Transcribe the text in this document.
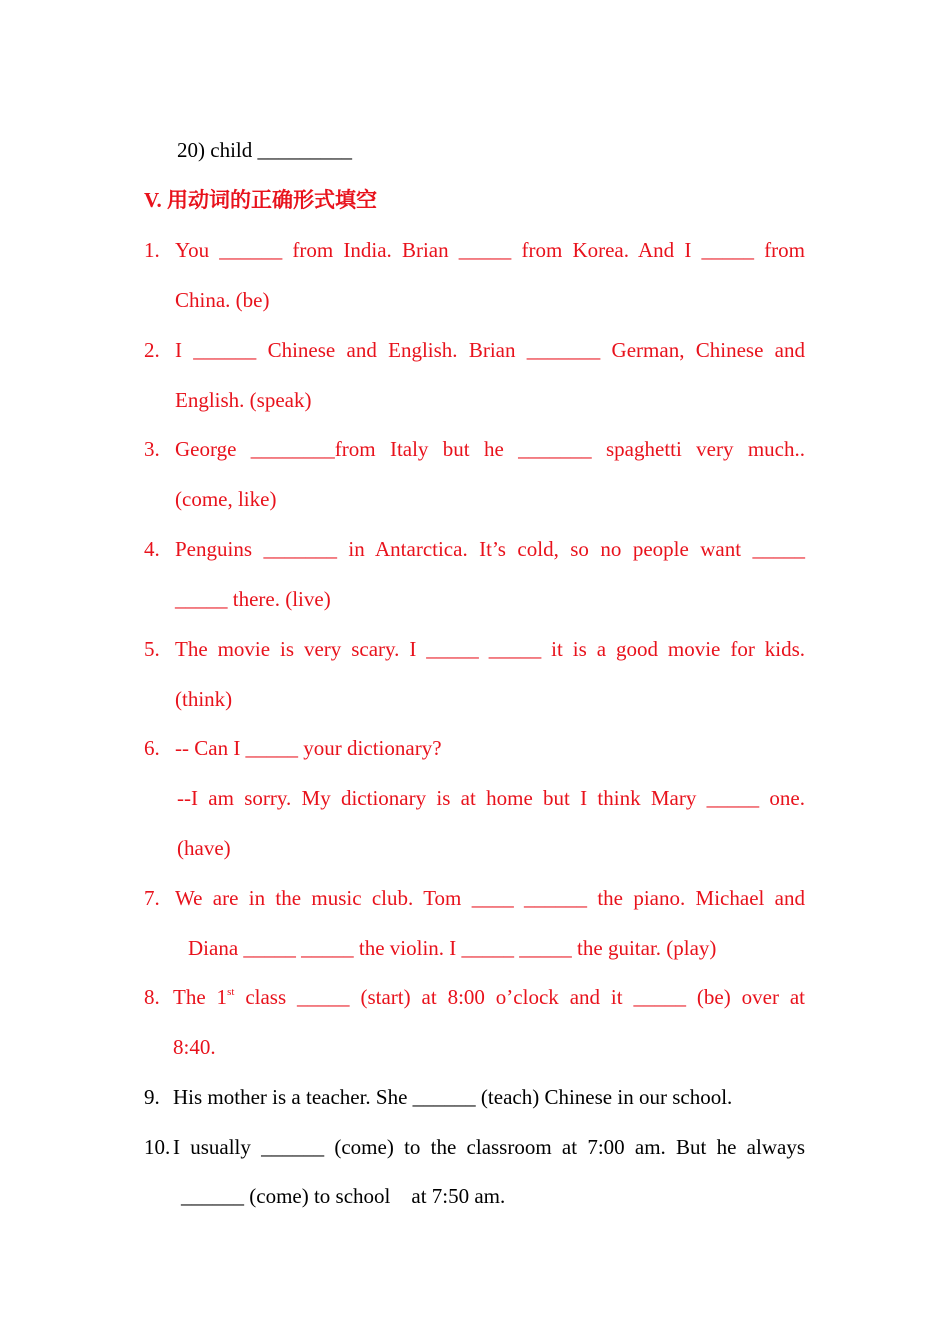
20) child _________
V. 用动词的正确形式填空
1. You ______ from India. Brian _____ from Korea. And I _____ from
China. (be)
2. I ______ Chinese and English. Brian _______ German, Chinese and
English. (speak)
3. George ________from Italy but he _______ spaghetti very much..
(come, like)
4. Penguins _______ in Antarctica. It’s cold, so no people want _____
_____ there. (live)
5. The movie is very scary. I _____ _____ it is a good movie for kids.
(think)
6. -- Can I _____ your dictionary?
--I am sorry. My dictionary is at home but I think Mary _____ one.
(have)
7. We are in the music club. Tom ____ ______ the piano. Michael and
Diana _____ _____ the violin. I _____ _____ the guitar. (play)
8. The 1st class _____ (start) at 8:00 o’clock and it _____ (be) over at
8:40.
9. His mother is a teacher. She ______ (teach) Chinese in our school.
10. I usually ______ (come) to the classroom at 7:00 am. But he always
______ (come) to school    at 7:50 am.
